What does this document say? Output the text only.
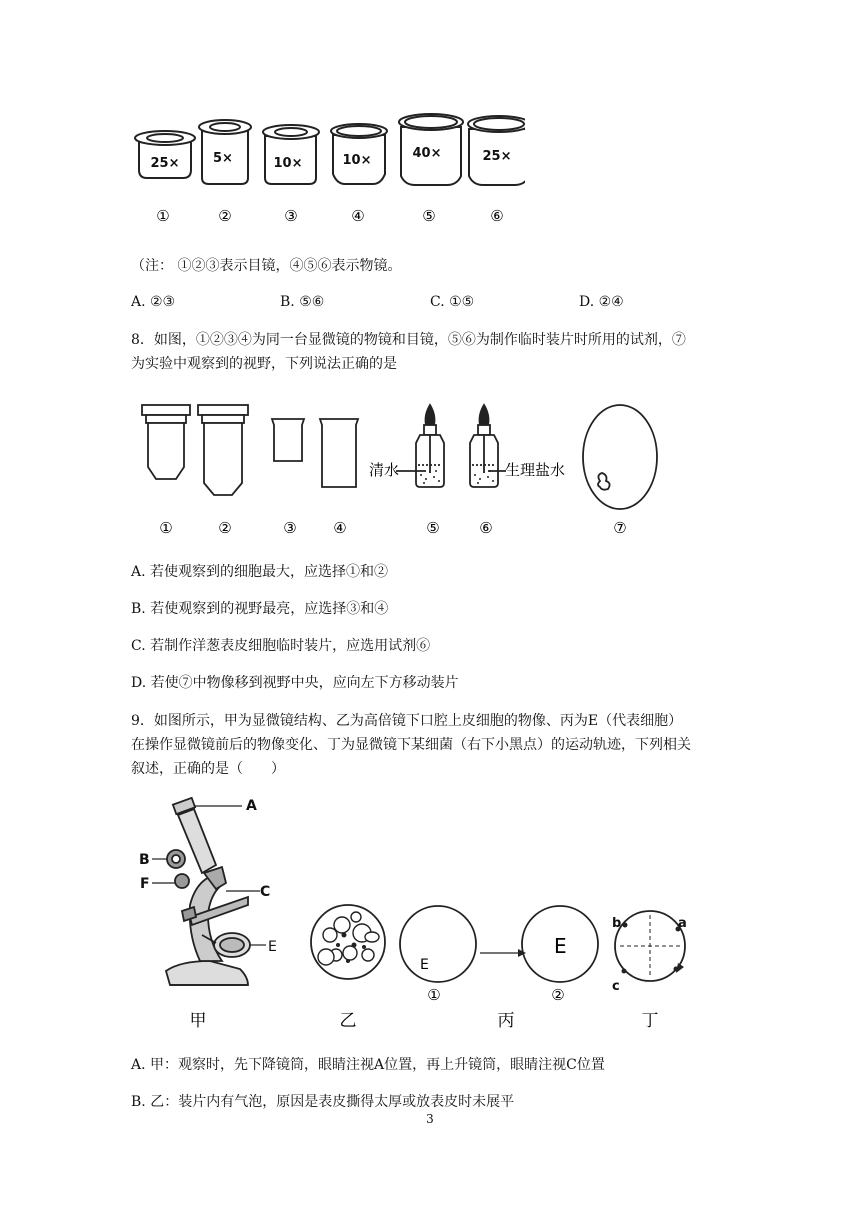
25×	5×	10×	10×	40×	25×
①	②	③	④	⑤	⑥
（注： ①②③表示目镜，④⑤⑥表示物镜。
A. ②③	B. ⑤⑥	C. ①⑤	D. ②④
8．如图，①②③④为同一台显微镜的物镜和目镜，⑤⑥为制作临时装片时所用的试剂，⑦
为实验中观察到的视野，下列说法正确的是
清水	生理盐水
①	②	③ ④	⑤	⑥	⑦
A. 若使观察到的细胞最大，应选择①和②
B. 若使观察到的视野最亮，应选择③和④
C. 若制作洋葱表皮细胞临时装片，应选用试剂⑥
D. 若使⑦中物像移到视野中央，应向左下方移动装片
9．如图所示，甲为显微镜结构、乙为高倍镜下口腔上皮细胞的物像、丙为E（代表细胞）
在操作显微镜前后的物像变化、丁为显微镜下某细菌（右下小黑点）的运动轨迹，下列相关
叙述，正确的是（　　）
A
B
F	C
E
E
E
①	②
b	a
c
甲	乙	丙	丁
A. 甲：观察时，先下降镜筒，眼睛注视A位置，再上升镜筒，眼睛注视C位置
B. 乙：装片内有气泡，原因是表皮撕得太厚或放表皮时未展平
3
